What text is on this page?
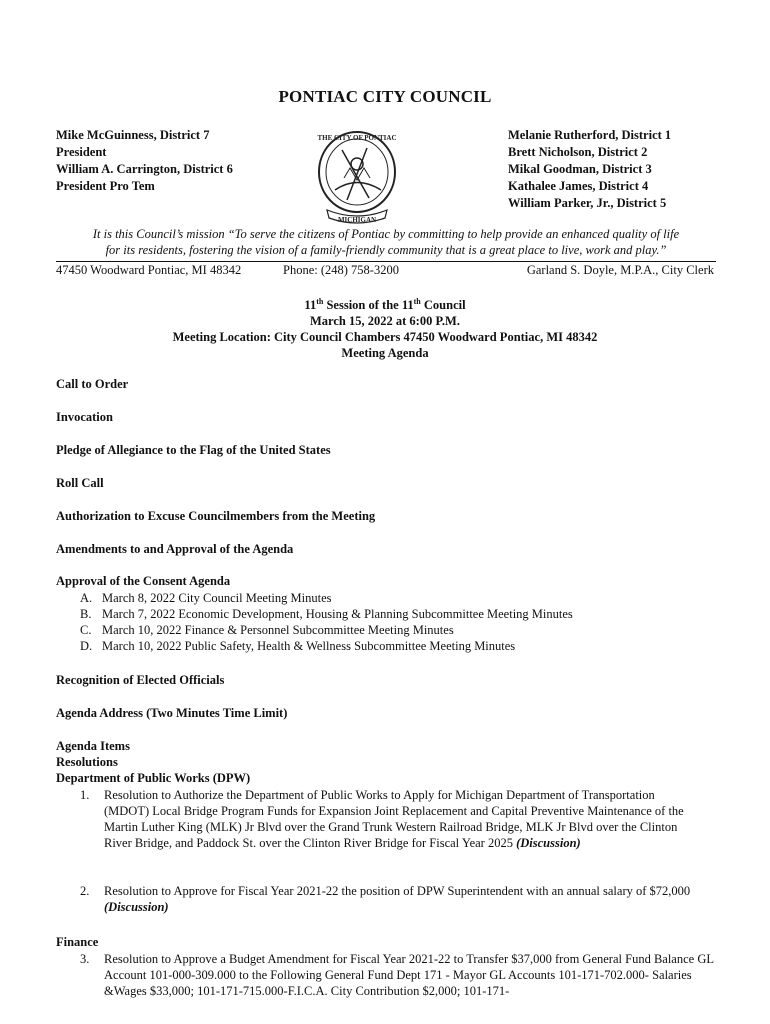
PONTIAC CITY COUNCIL
Mike McGuinness, District 7
President
William A. Carrington, District 6
President Pro Tem
THE CITY OF PONTIAC
MICHIGAN
Melanie Rutherford, District 1
Brett Nicholson, District 2
Mikal Goodman, District 3
Kathalee James, District 4
William Parker, Jr., District 5
It is this Council’s mission “To serve the citizens of Pontiac by committing to help provide an enhanced quality of life
for its residents, fostering the vision of a family-friendly community that is a great place to live, work and play.”
47450 Woodward Pontiac, MI 48342	Phone: (248) 758-3200	Garland S. Doyle, M.P.A., City Clerk
11th Session of the 11th Council
March 15, 2022 at 6:00 P.M.
Meeting Location: City Council Chambers 47450 Woodward Pontiac, MI 48342
Meeting Agenda
Call to Order
Invocation
Pledge of Allegiance to the Flag of the United States
Roll Call
Authorization to Excuse Councilmembers from the Meeting
Amendments to and Approval of the Agenda
Approval of the Consent Agenda
A. March 8, 2022 City Council Meeting Minutes
B. March 7, 2022 Economic Development, Housing & Planning Subcommittee Meeting Minutes
C. March 10, 2022 Finance & Personnel Subcommittee Meeting Minutes
D. March 10, 2022 Public Safety, Health & Wellness Subcommittee Meeting Minutes
Recognition of Elected Officials
Agenda Address (Two Minutes Time Limit)
Agenda Items
Resolutions
Department of Public Works (DPW)
1.	Resolution to Authorize the Department of Public Works to Apply for Michigan Department of Transportation (MDOT) Local Bridge Program Funds for Expansion Joint Replacement and Capital Preventive Maintenance of the Martin Luther King (MLK) Jr Blvd over the Grand Trunk Western Railroad Bridge, MLK Jr Blvd over the Clinton River Bridge, and Paddock St. over the Clinton River Bridge for Fiscal Year 2025 (Discussion)
2.	Resolution to Approve for Fiscal Year 2021-22 the position of DPW Superintendent with an annual salary of $72,000 (Discussion)
Finance
3.	Resolution to Approve a Budget Amendment for Fiscal Year 2021-22 to Transfer $37,000 from General Fund Balance GL Account 101-000-309.000 to the Following General Fund Dept 171 - Mayor GL Accounts 101-171-702.000- Salaries &Wages $33,000; 101-171-715.000-F.I.C.A. City Contribution $2,000; 101-171-
